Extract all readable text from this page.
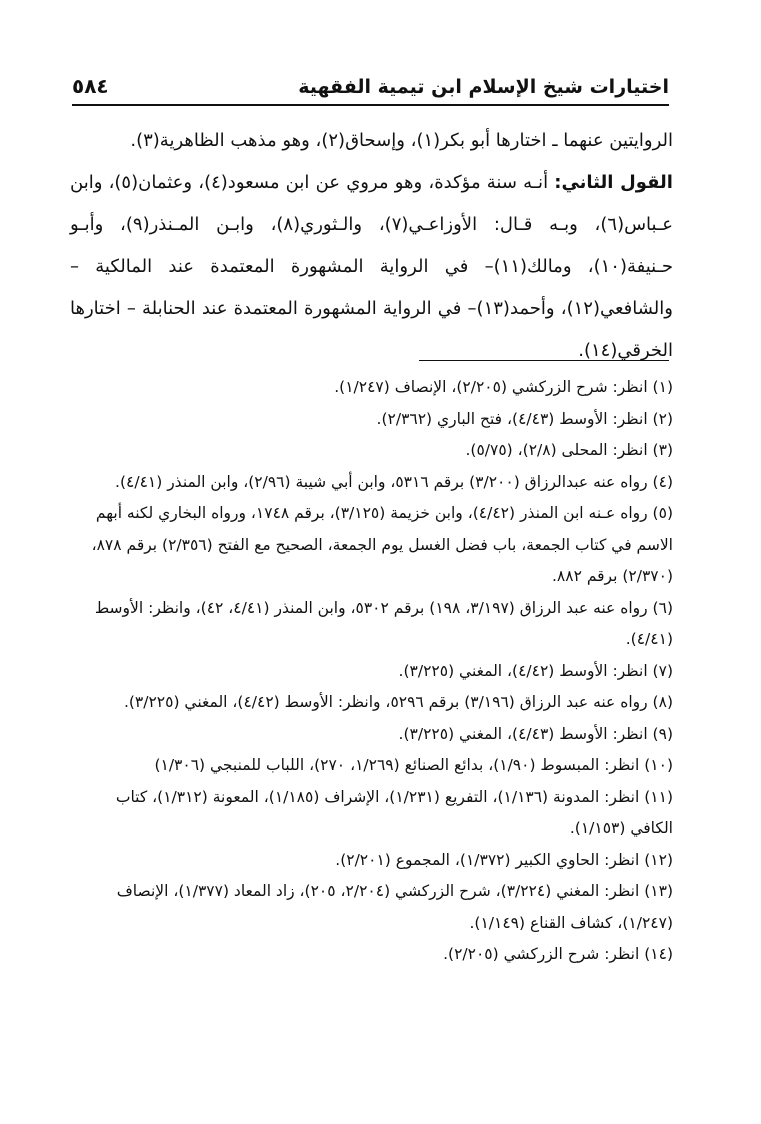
اختيارات شيخ الإسلام ابن تيمية الفقهية
٥٨٤

الروايتين عنهما ـ اختارها أبو بكر(١)، وإسحاق(٢)، وهو مذهب الظاهرية(٣).

القول الثاني: أنـه سنة مؤكدة، وهو مروي عن ابن مسعود(٤)، وعثمان(٥)، وابن عـباس(٦)، وبـه قـال: الأوزاعـي(٧)، والـثوري(٨)، وابـن المـنذر(٩)، وأبـو حـنيفة(١٠)، ومالك(١١)– في الرواية المشهورة المعتمدة عند المالكية – والشافعي(١٢)، وأحمد(١٣)– في الرواية المشهورة المعتمدة عند الحنابلة – اختارها الخرقي(١٤).

(١) انظر: شرح الزركشي (٢/٢٠٥)، الإنصاف (١/٢٤٧).

(٢) انظر: الأوسط (٤/٤٣)، فتح الباري (٢/٣٦٢).

(٣) انظر: المحلى (٢/٨)، (٥/٧٥).

(٤) رواه عنه عبدالرزاق (٣/٢٠٠) برقم ٥٣١٦، وابن أبي شيبة (٢/٩٦)، وابن المنذر (٤/٤١).

(٥) رواه عـنه ابن المنذر (٤/٤٢)، وابن خزيمة (٣/١٢٥)، برقم ١٧٤٨، ورواه البخاري لكنه أبهم الاسم في كتاب الجمعة، باب فضل الغسل يوم الجمعة، الصحيح مع الفتح (٢/٣٥٦) برقم ٨٧٨، (٢/٣٧٠) برقم ٨٨٢.

(٦) رواه عنه عبد الرزاق (٣/١٩٧، ١٩٨) برقم ٥٣٠٢، وابن المنذر (٤/٤١، ٤٢)، وانظر: الأوسط (٤/٤١).

(٧) انظر: الأوسط (٤/٤٢)، المغني (٣/٢٢٥).

(٨) رواه عنه عبد الرزاق (٣/١٩٦) برقم ٥٢٩٦، وانظر: الأوسط (٤/٤٢)، المغني (٣/٢٢٥).

(٩) انظر: الأوسط (٤/٤٣)، المغني (٣/٢٢٥).

(١٠) انظر: المبسوط (١/٩٠)، بدائع الصنائع (١/٢٦٩، ٢٧٠)، اللباب للمنبجي (١/٣٠٦)

(١١) انظر: المدونة (١/١٣٦)، التفريع (١/٢٣١)، الإشراف (١/١٨٥)، المعونة (١/٣١٢)، كتاب الكافي (١/١٥٣).

(١٢) انظر: الحاوي الكبير (١/٣٧٢)، المجموع (٢/٢٠١).

(١٣) انظر: المغني (٣/٢٢٤)، شرح الزركشي (٢/٢٠٤، ٢٠٥)، زاد المعاد (١/٣٧٧)، الإنصاف (١/٢٤٧)، كشاف القناع (١/١٤٩).

(١٤) انظر: شرح الزركشي (٢/٢٠٥).
